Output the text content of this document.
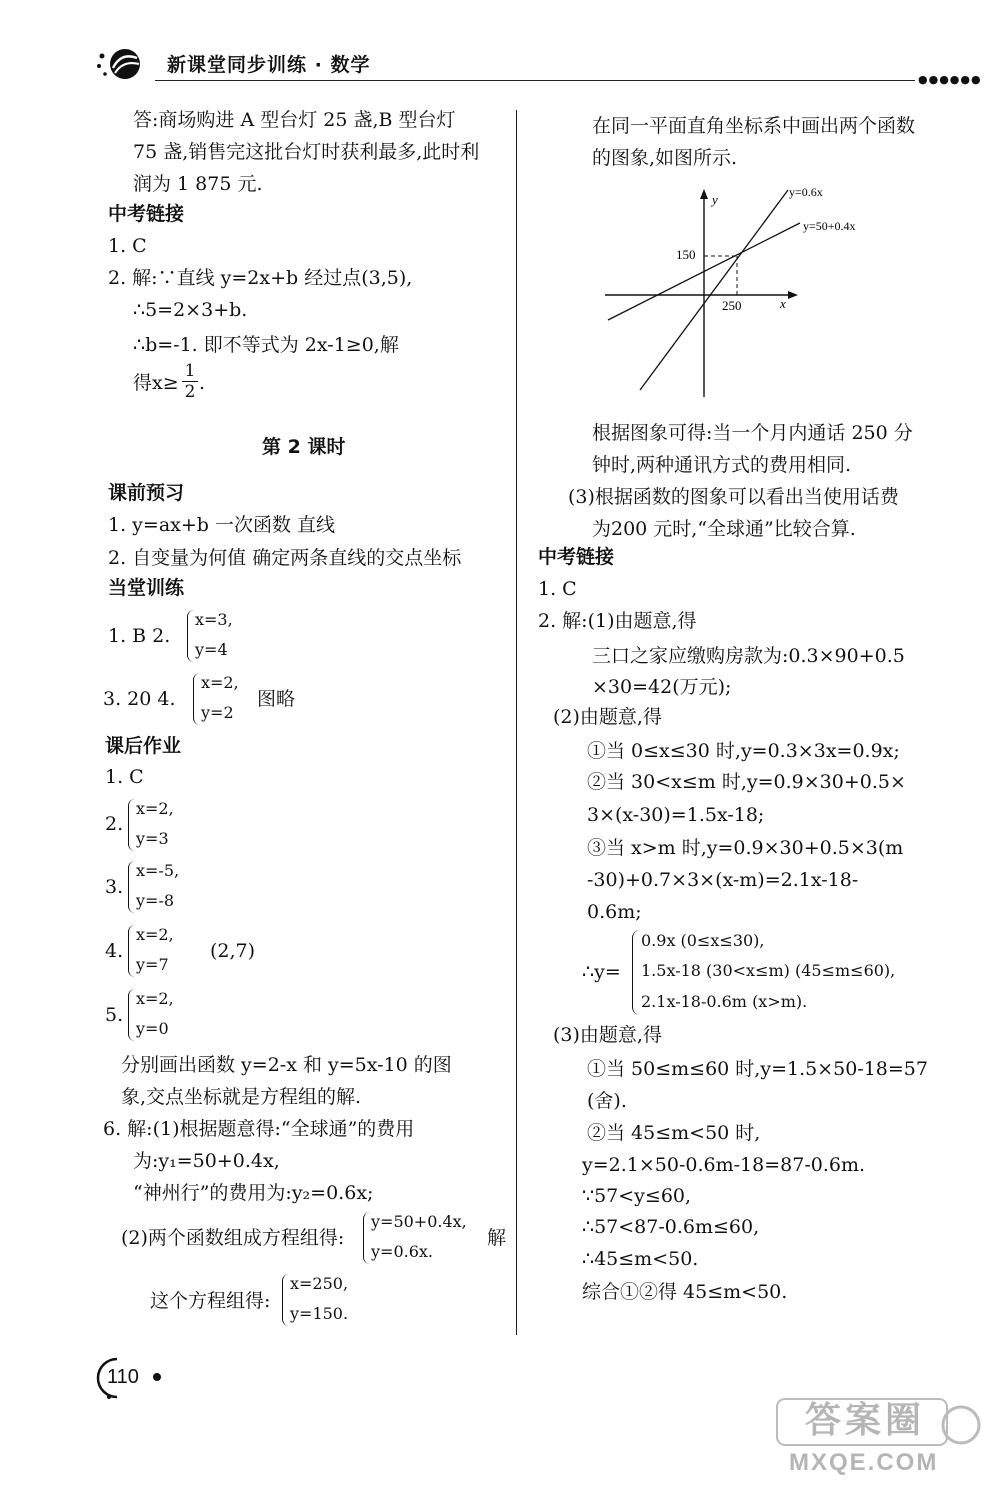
新课堂同步训练 · 数学
●●●●●●
答:商场购进 A 型台灯 25 盏,B 型台灯
75 盏,销售完这批台灯时获利最多,此时利
润为 1 875 元.
中考链接
1. C
2. 解:∵直线 y=2x+b 经过点(3,5),
∴5=2×3+b.
∴b=-1. 即不等式为 2x-1≥0,解
得x≥
1
2 .
第 2 课时
课前预习
1. y=ax+b 一次函数 直线
2. 自变量为何值 确定两条直线的交点坐标
当堂训练
1. B 2.
x=3,
y=4
3. 20 4.
x=2,
y=2
图略
课后作业
1. C
2.
x=2,
y=3
3.
x=-5,
y=-8
4.
x=2,
y=7
(2,7)
5.
x=2,
y=0
分别画出函数 y=2-x 和 y=5x-10 的图
象,交点坐标就是方程组的解.
6. 解:(1)根据题意得:“全球通”的费用
为:y₁=50+0.4x,
“神州行”的费用为:y₂=0.6x;
(2)两个函数组成方程组得:
y=50+0.4x,
y=0.6x.
解
这个方程组得:
x=250,
y=150.
在同一平面直角坐标系中画出两个函数
的图象,如图所示.
y
x
150
250
y=0.6x
y=50+0.4x
根据图象可得:当一个月内通话 250 分
钟时,两种通讯方式的费用相同.
(3)根据函数的图象可以看出当使用话费
为200 元时,“全球通”比较合算.
中考链接
1. C
2. 解:(1)由题意,得
三口之家应缴购房款为:0.3×90+0.5
×30=42(万元);
(2)由题意,得
①当 0≤x≤30 时,y=0.3×3x=0.9x;
②当 30<x≤m 时,y=0.9×30+0.5×
3×(x-30)=1.5x-18;
③当 x>m 时,y=0.9×30+0.5×3(m
-30)+0.7×3×(x-m)=2.1x-18-
0.6m;
∴y=
0.9x (0≤x≤30),
1.5x-18 (30<x≤m) (45≤m≤60),
2.1x-18-0.6m (x>m).
(3)由题意,得
①当 50≤m≤60 时,y=1.5×50-18=57
(舍).
②当 45≤m<50 时,
y=2.1×50-0.6m-18=87-0.6m.
∵57<y≤60,
∴57<87-0.6m≤60,
∴45≤m<50.
综合①②得 45≤m<50.
110
答案圈
MXQE.COM
